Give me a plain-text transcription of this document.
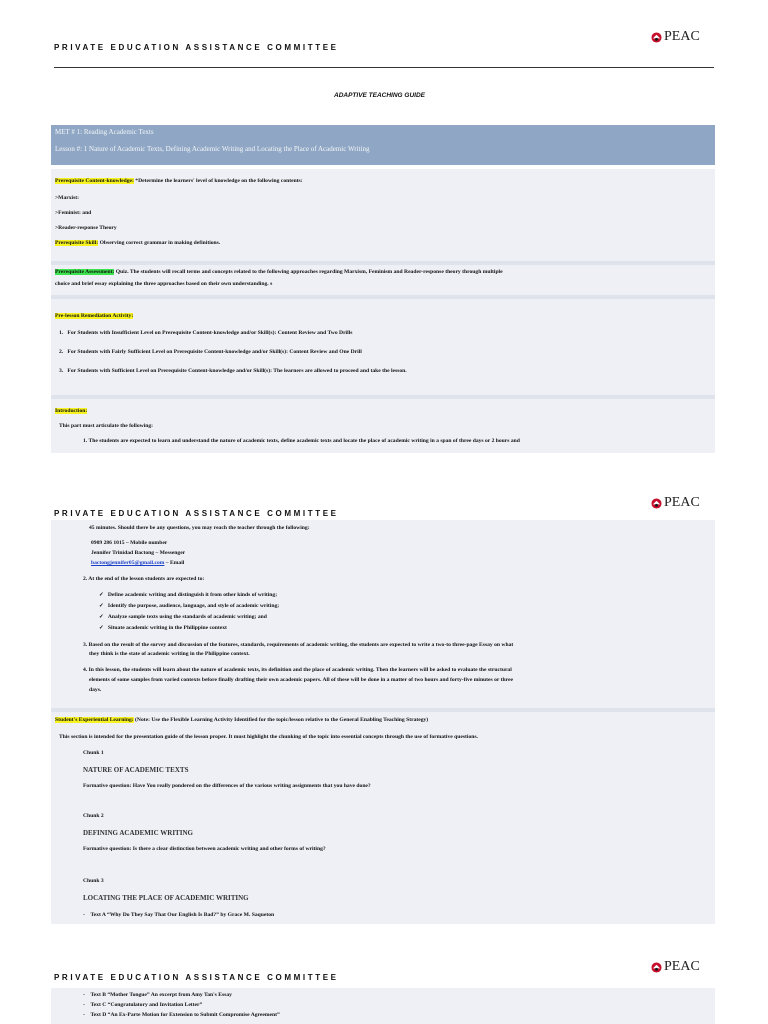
PRIVATE EDUCATION ASSISTANCE COMMITTEE
PEAC
ADAPTIVE TEACHING GUIDE
MET # 1: Reading Academic Texts
Lesson #: 1 Nature of Academic Texts, Defining Academic Writing and Locating the Place of Academic Writing
Prerequisite Content-knowledge: *Determine the learners' level of knowledge on the following contents:
>Marxist:
>Feminist: and
>Reader-response Theory
Prerequisite Skill: Observing correct grammar in making definitions.
Prerequisite Assessment: Quiz. The students will recall terms and concepts related to the following approaches regarding Marxism, Feminism and Reader-response theory through multiple
choice and brief essay explaining the three approaches based on their own understanding. s
Pre-lesson Remediation Activity:
1. For Students with Insufficient Level on Prerequisite Content-knowledge and/or Skill(s): Content Review and Two Drills
2. For Students with Fairly Sufficient Level on Prerequisite Content-knowledge and/or Skill(s): Content Review and One Drill
3. For Students with Sufficient Level on Prerequisite Content-knowledge and/or Skill(s): The learners are allowed to proceed and take the lesson.
Introduction:
This part must articulate the following:
1. The students are expected to learn and understand the nature of academic texts, define academic texts and locate the place of academic writing in a span of three days or 2 hours and
PRIVATE EDUCATION ASSISTANCE COMMITTEE
PEAC
45 minutes. Should there be any questions, you may reach the teacher through the following:
0909 286 1015 – Mobile number
Jennifer Trinidad Bactong – Messenger
bactongjennifer05@gmail.com – Email
2. At the end of the lesson students are expected to:
✓ Define academic writing and distinguish it from other kinds of writing;
✓ Identify the purpose, audience, language, and style of academic writing;
✓ Analyze sample texts using the standards of academic writing; and
✓ Situate academic writing in the Philippine context
3. Based on the result of the survey and discussion of the features, standards, requirements of academic writing, the students are expected to write a two-to three-page Essay on what
they think is the state of academic writing in the Philippine context.
4. In this lesson, the students will learn about the nature of academic texts, its definition and the place of academic writing. Then the learners will be asked to evaluate the structural
elements of some samples from varied contexts before finally drafting their own academic papers. All of these will be done in a matter of two hours and forty-five minutes or three
days.
Student's Experiential Learning: (Note: Use the Flexible Learning Activity Identified for the topic/lesson relative to the General Enabling Teaching Strategy)
This section is intended for the presentation guide of the lesson proper. It must highlight the chunking of the topic into essential concepts through the use of formative questions.
Chunk 1
NATURE OF ACADEMIC TEXTS
Formative question: Have You really pondered on the differences of the various writing assignments that you have done?
Chunk 2
DEFINING ACADEMIC WRITING
Formative question: Is there a clear distinction between academic writing and other forms of writing?
Chunk 3
LOCATING THE PLACE OF ACADEMIC WRITING
- Text A “Why Do They Say That Our English Is Bad?” by Grace M. Saqueton
PRIVATE EDUCATION ASSISTANCE COMMITTEE
PEAC
- Text B “Mother Tongue” An excerpt from Amy Tan's Essay
- Text C “Congratulatory and Invitation Letter”
- Text D “An Ex-Parte Motion for Extension to Submit Compromise Agreement”
